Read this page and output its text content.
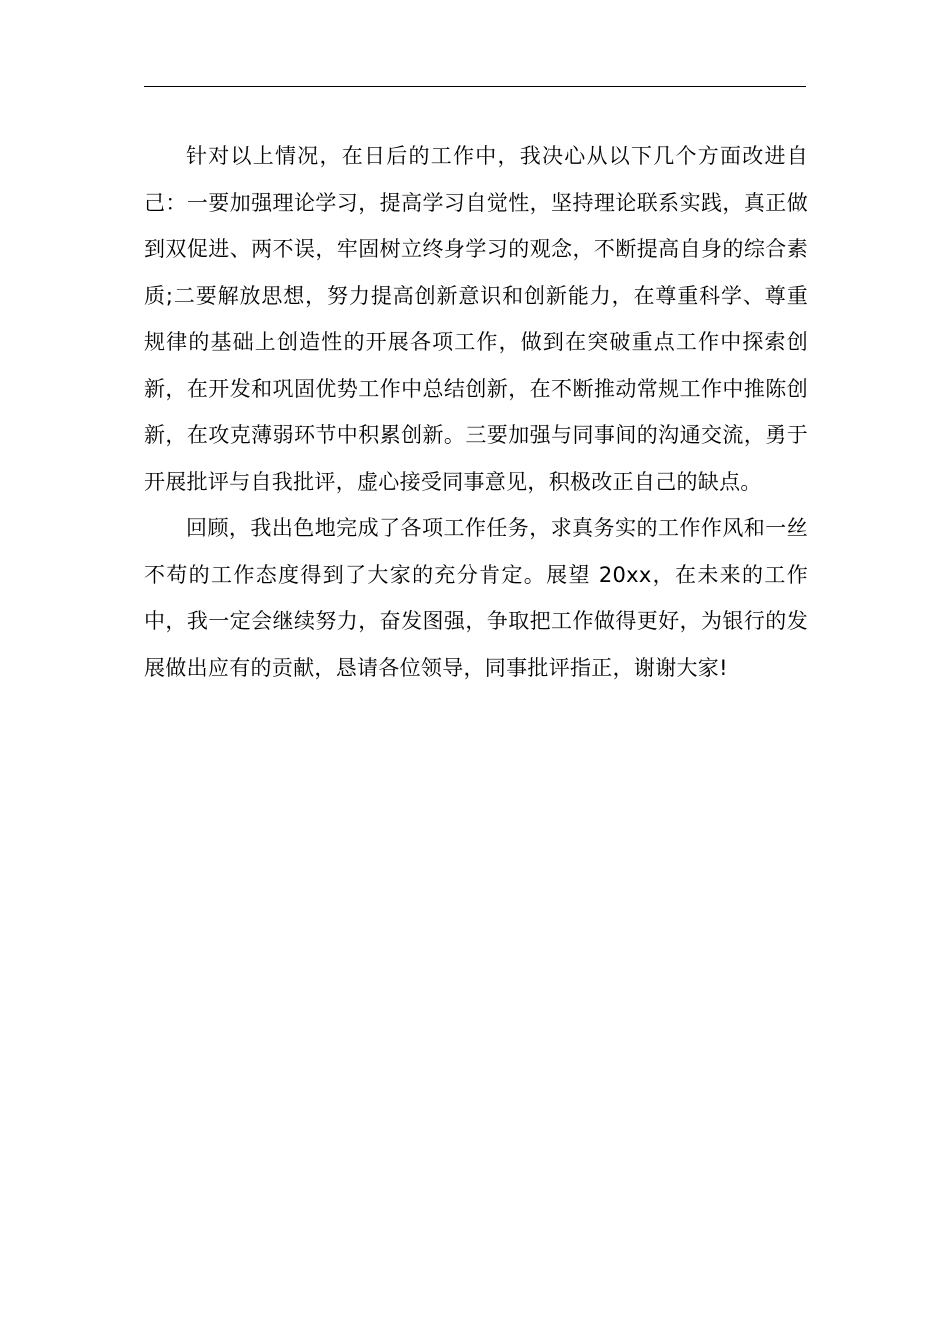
针对以上情况，在日后的工作中，我决心从以下几个方面改进自己：一要加强理论学习，提高学习自觉性，坚持理论联系实践，真正做到双促进、两不误，牢固树立终身学习的观念，不断提高自身的综合素质;二要解放思想，努力提高创新意识和创新能力，在尊重科学、尊重规律的基础上创造性的开展各项工作，做到在突破重点工作中探索创新，在开发和巩固优势工作中总结创新，在不断推动常规工作中推陈创新，在攻克薄弱环节中积累创新。三要加强与同事间的沟通交流，勇于开展批评与自我批评，虚心接受同事意见，积极改正自己的缺点。

回顾，我出色地完成了各项工作任务，求真务实的工作作风和一丝不苟的工作态度得到了大家的充分肯定。展望 20xx，在未来的工作中，我一定会继续努力，奋发图强，争取把工作做得更好，为银行的发展做出应有的贡献，恳请各位领导，同事批评指正，谢谢大家!
